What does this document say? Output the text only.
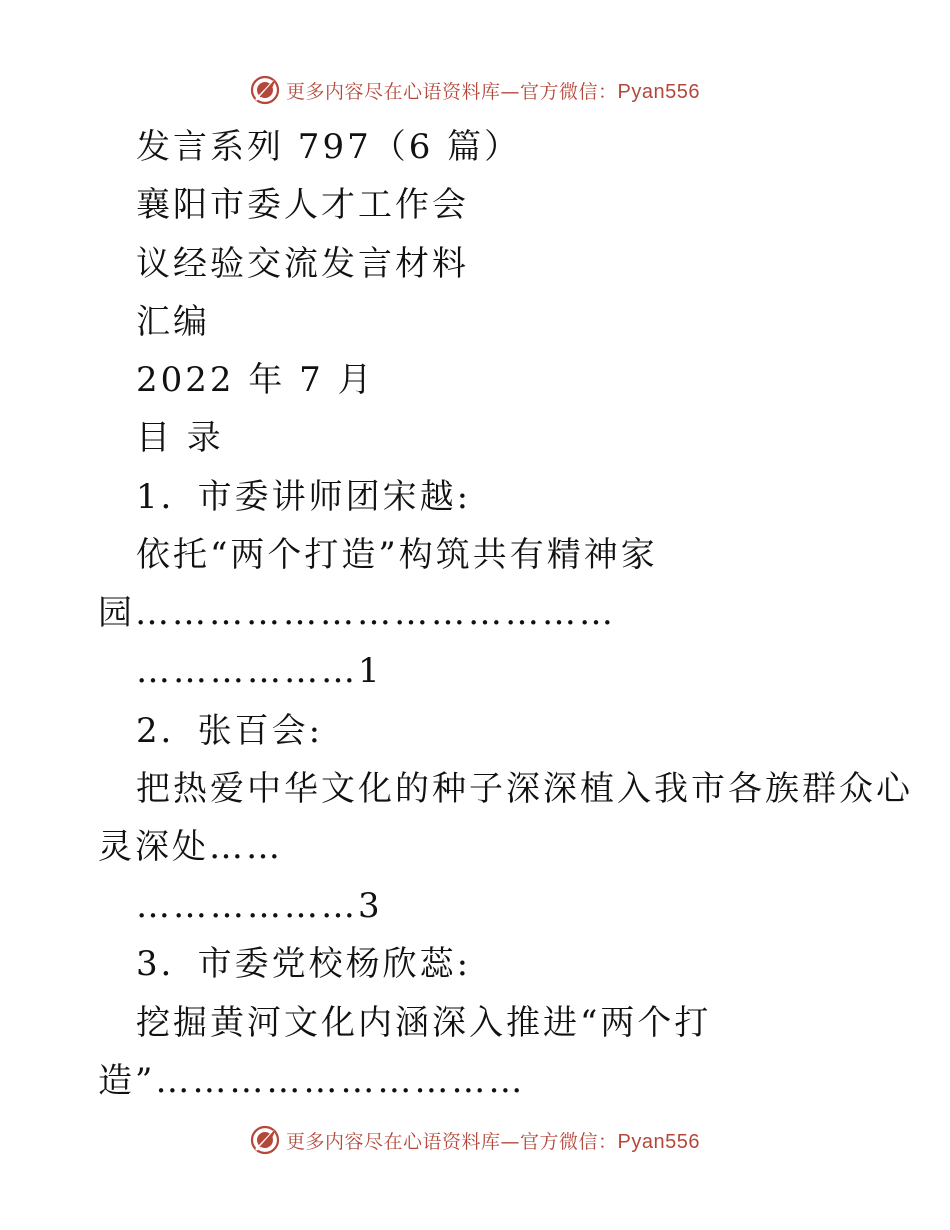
更多内容尽在心语资料库—官方微信：Pyan556
发言系列 797（6 篇）
襄阳市委人才工作会
议经验交流发言材料
汇编
2022 年 7 月
目 录
1．市委讲师团宋越:
依托“两个打造”构筑共有精神家
园…………………………………
………………1
2．张百会:
把热爱中华文化的种子深深植入我市各族群众心
灵深处……
………………3
3．市委党校杨欣蕊:
挖掘黄河文化内涵深入推进“两个打
造”…………………………
更多内容尽在心语资料库—官方微信：Pyan556
